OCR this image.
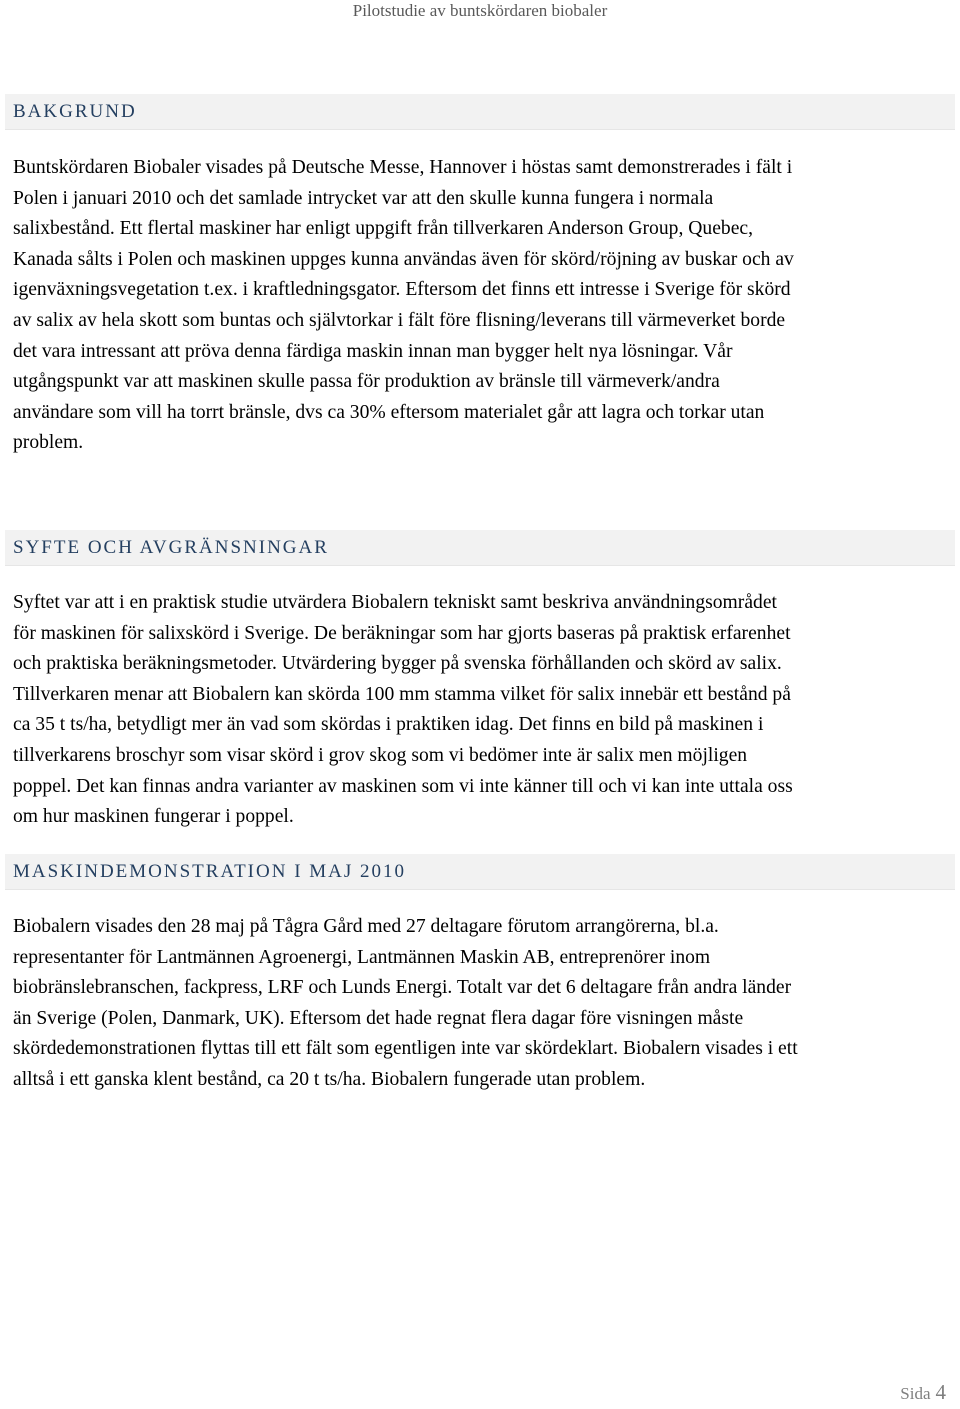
Pilotstudie av buntskördaren biobaler
BAKGRUND

Buntskördaren Biobaler visades på Deutsche Messe, Hannover i höstas samt demonstrerades i fält i
Polen i januari 2010 och det samlade intrycket var att den skulle kunna fungera i normala
salixbestånd. Ett flertal maskiner har enligt uppgift från tillverkaren Anderson Group, Quebec,
Kanada sålts i Polen och maskinen uppges kunna användas även för skörd/röjning av buskar och av
igenväxningsvegetation t.ex. i kraftledningsgator. Eftersom det finns ett intresse i Sverige för skörd
av salix av hela skott som buntas och självtorkar i fält före flisning/leverans till värmeverket borde
det vara intressant att pröva denna färdiga maskin innan man bygger helt nya lösningar. Vår
utgångspunkt var att maskinen skulle passa för produktion av bränsle till värmeverk/andra
användare som vill ha torrt bränsle, dvs ca 30% eftersom materialet går att lagra och torkar utan
problem.

SYFTE OCH AVGRÄNSNINGAR

Syftet var att i en praktisk studie utvärdera Biobalern tekniskt samt beskriva användningsområdet
för maskinen för salixskörd i Sverige. De beräkningar som har gjorts baseras på praktisk erfarenhet
och praktiska beräkningsmetoder. Utvärdering bygger på svenska förhållanden och skörd av salix.
Tillverkaren menar att Biobalern kan skörda 100 mm stamma vilket för salix innebär ett bestånd på
ca 35 t ts/ha, betydligt mer än vad som skördas i praktiken idag. Det finns en bild på maskinen i
tillverkarens broschyr som visar skörd i grov skog som vi bedömer inte är salix men möjligen
poppel. Det kan finnas andra varianter av maskinen som vi inte känner till och vi kan inte uttala oss
om hur maskinen fungerar i poppel.

MASKINDEMONSTRATION I MAJ 2010

Biobalern visades den 28 maj på Tågra Gård med 27 deltagare förutom arrangörerna, bl.a.
representanter för Lantmännen Agroenergi, Lantmännen Maskin AB, entreprenörer inom
biobränslebranschen, fackpress, LRF och Lunds Energi. Totalt var det 6 deltagare från andra länder
än Sverige (Polen, Danmark, UK). Eftersom det hade regnat flera dagar före visningen måste
skördedemonstrationen flyttas till ett fält som egentligen inte var skördeklart. Biobalern visades i ett
alltså i ett ganska klent bestånd, ca 20 t ts/ha. Biobalern fungerade utan problem.

Sida 4
